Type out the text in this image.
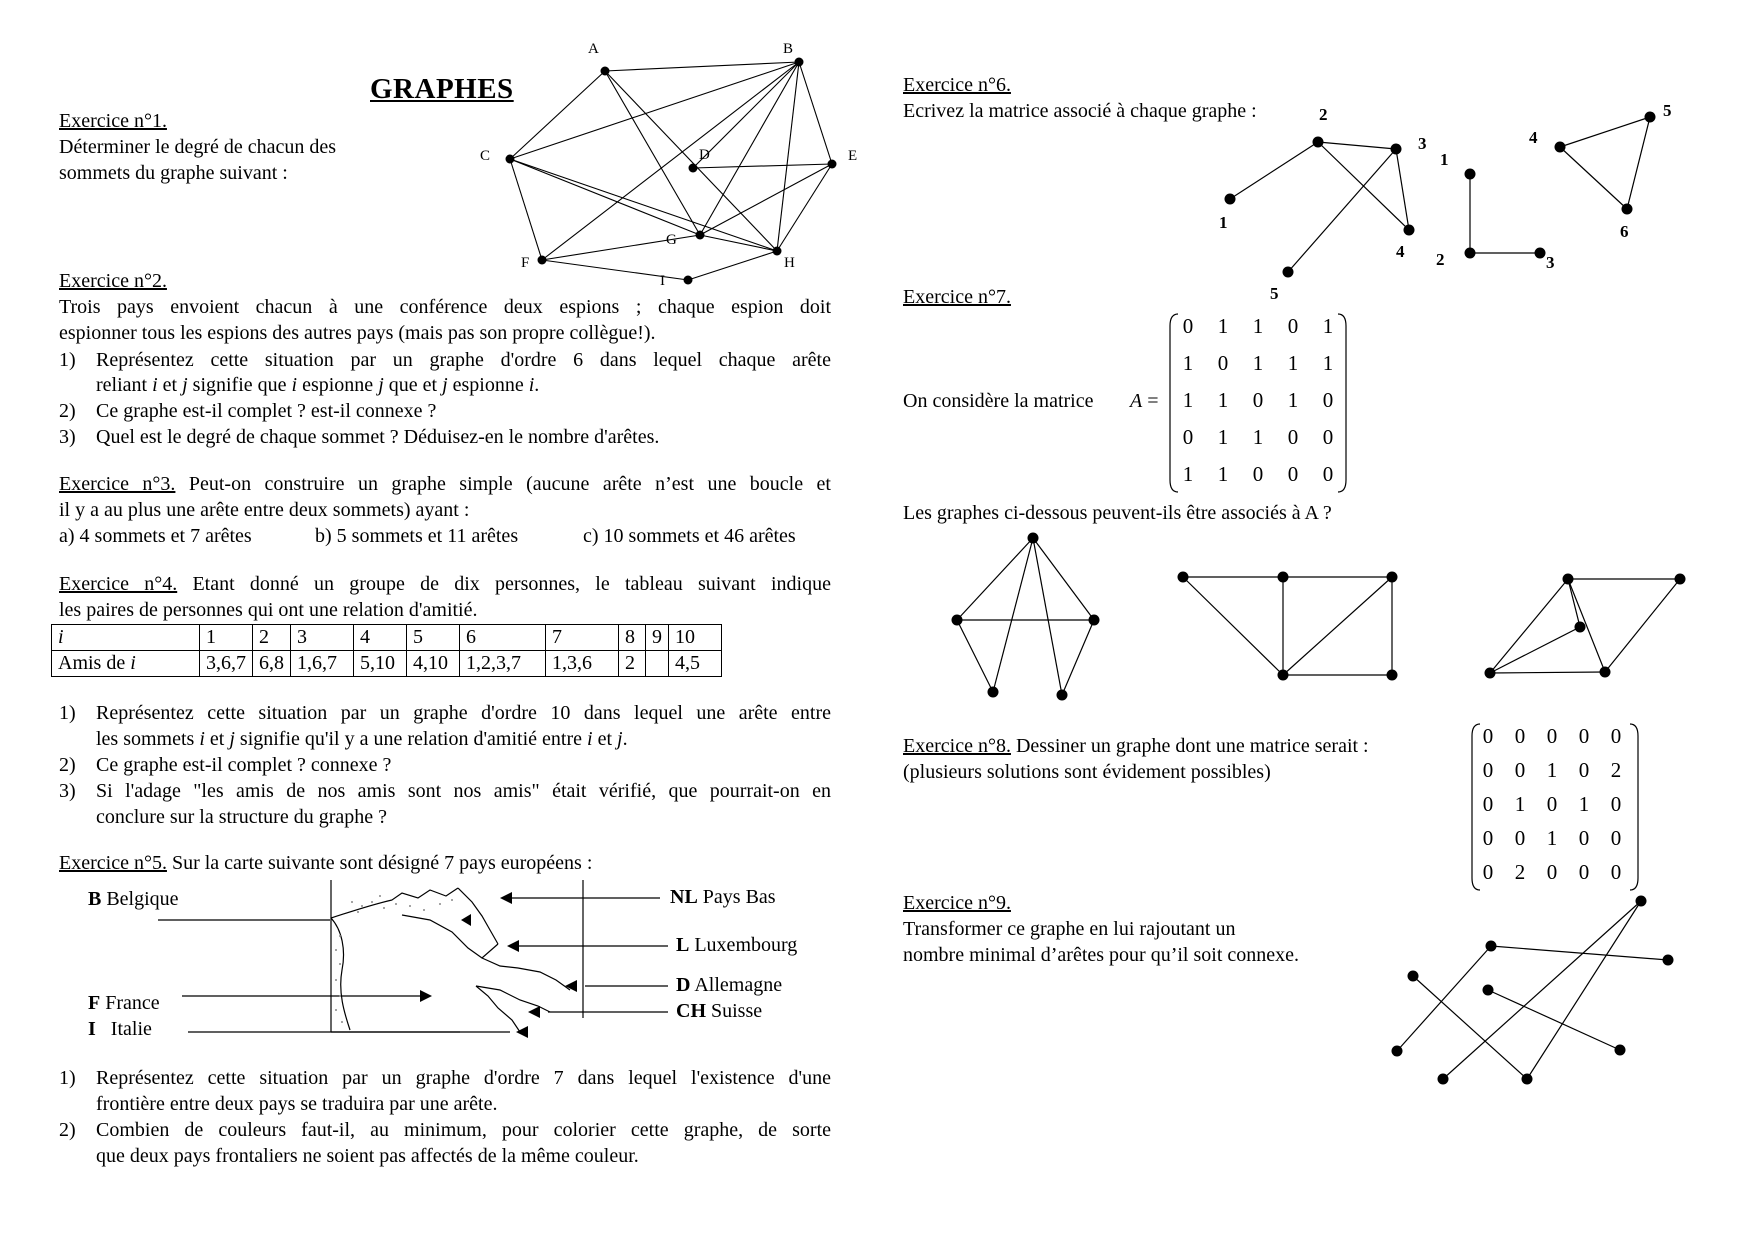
GRAPHES
Exercice n°1.
Déterminer le degré de chacun des
sommets du graphe suivant :
A	B
C	D	E
F
G
H
I
Exercice n°2.
Trois pays envoient chacun à une conférence deux espions ; chaque espion doit
espionner tous les espions des autres pays (mais pas son propre collègue!).
1)	Représentez cette situation par un graphe d'ordre 6 dans lequel chaque arête
reliant i et j signifie que i espionne j que et j espionne i.
2)	Ce graphe est-il complet ? est-il connexe ?
3)	Quel est le degré de chaque sommet ? Déduisez-en le nombre d'arêtes.
Exercice n°3. Peut-on construire un graphe simple (aucune arête n’est une boucle et
il y a au plus une arête entre deux sommets) ayant :
a) 4 sommets et 7 arêtes	b) 5 sommets et 11 arêtes	c) 10 sommets et 46 arêtes
Exercice n°4. Etant donné un groupe de dix personnes, le tableau suivant indique
les paires de personnes qui ont une relation d'amitié.
i	1	2	3	4	5	6	7	8	9	10
Amis de i	3,6,7	6,8	1,6,7	5,10	4,10	1,2,3,7	1,3,6	2		4,5
1)	Représentez cette situation par un graphe d'ordre 10 dans lequel une arête entre
les sommets i et j signifie qu'il y a une relation d'amitié entre i et j.
2)	Ce graphe est-il complet ? connexe ?
3)	Si l'adage "les amis de nos amis sont nos amis" était vérifié, que pourrait-on en
conclure sur la structure du graphe ?
Exercice n°5. Sur la carte suivante sont désigné 7 pays européens :
B Belgique
F France
I Italie
NL Pays Bas
L Luxembourg
D Allemagne
CH Suisse
1)	Représentez cette situation par un graphe d'ordre 7 dans lequel l'existence d'une
frontière entre deux pays se traduira par une arête.
2)	Combien de couleurs faut-il, au minimum, pour colorier cette graphe, de sorte
que deux pays frontaliers ne soient pas affectés de la même couleur.
Exercice n°6.
Ecrivez la matrice associé à chaque graphe :
1
2
3
4
5
1
2	3
4
5
6
Exercice n°7.
On considère la matrice A =
0	1	1	0	1
1	0	1	1	1
1	1	0	1	0
0	1	1	0	0
1	1	0	0	0
Les graphes ci-dessous peuvent-ils être associés à A ?
Exercice n°8. Dessiner un graphe dont une matrice serait :
(plusieurs solutions sont évidement possibles)
0	0	0	0	0
0	0	1	0	2
0	1	0	1	0
0	0	1	0	0
0	2	0	0	0
Exercice n°9.
Transformer ce graphe en lui rajoutant un
nombre minimal d’arêtes pour qu’il soit connexe.
